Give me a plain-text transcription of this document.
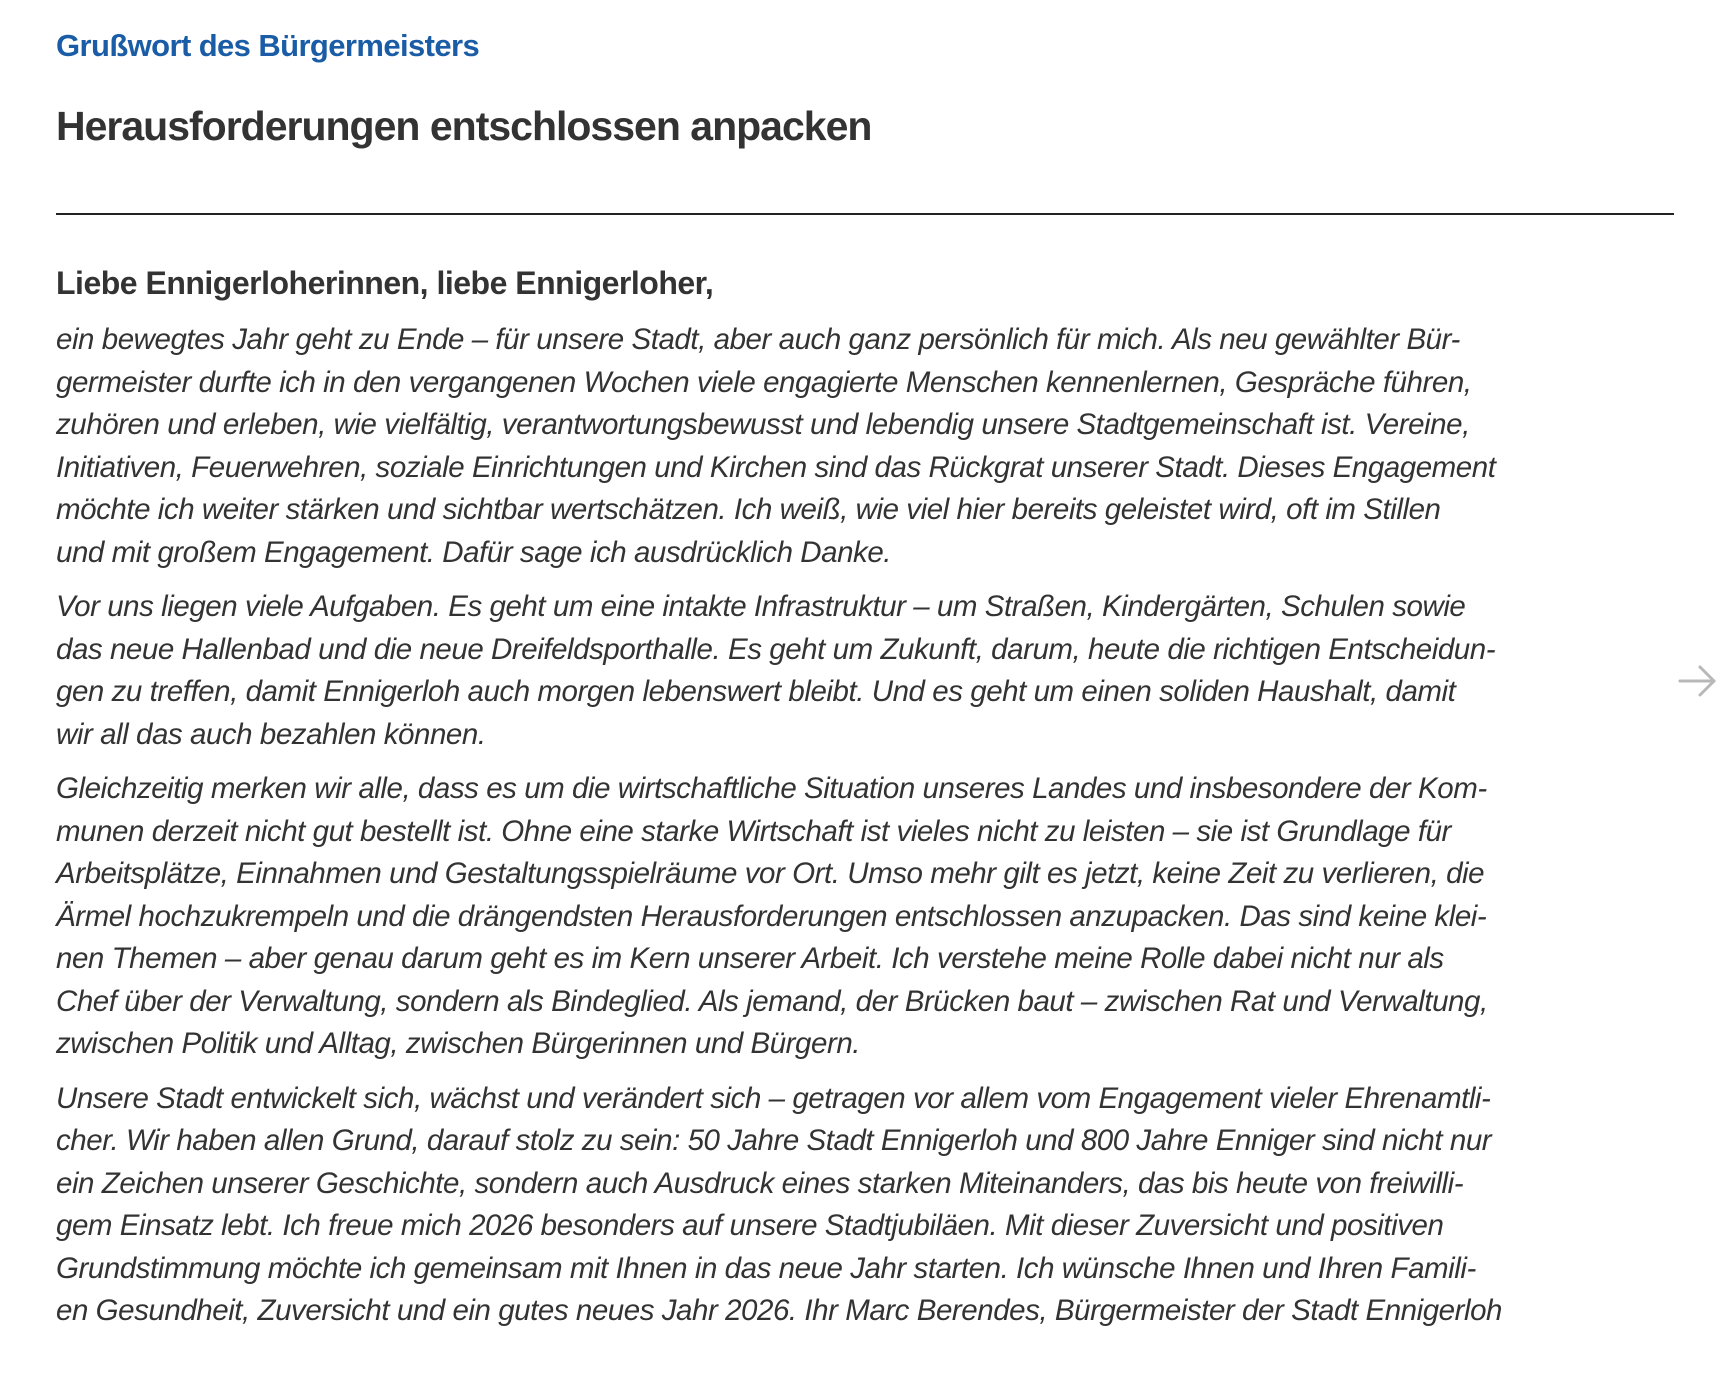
Grußwort des Bürgermeisters
Herausforderungen entschlossen anpacken
Liebe Ennigerloherinnen, liebe Ennigerloher,

ein bewegtes Jahr geht zu Ende – für unsere Stadt, aber auch ganz persönlich für mich. Als neu gewählter Bür-
germeister durfte ich in den vergangenen Wochen viele engagierte Menschen kennenlernen, Gespräche führen,
zuhören und erleben, wie vielfältig, verantwortungsbewusst und lebendig unsere Stadtgemeinschaft ist. Vereine,
Initiativen, Feuerwehren, soziale Einrichtungen und Kirchen sind das Rückgrat unserer Stadt. Dieses Engagement
möchte ich weiter stärken und sichtbar wertschätzen. Ich weiß, wie viel hier bereits geleistet wird, oft im Stillen
und mit großem Engagement. Dafür sage ich ausdrücklich Danke.

Vor uns liegen viele Aufgaben. Es geht um eine intakte Infrastruktur – um Straßen, Kindergärten, Schulen sowie
das neue Hallenbad und die neue Dreifeldsporthalle. Es geht um Zukunft, darum, heute die richtigen Entscheidun-
gen zu treffen, damit Ennigerloh auch morgen lebenswert bleibt. Und es geht um einen soliden Haushalt, damit
wir all das auch bezahlen können.

Gleichzeitig merken wir alle, dass es um die wirtschaftliche Situation unseres Landes und insbesondere der Kom-
munen derzeit nicht gut bestellt ist. Ohne eine starke Wirtschaft ist vieles nicht zu leisten – sie ist Grundlage für
Arbeitsplätze, Einnahmen und Gestaltungsspielräume vor Ort. Umso mehr gilt es jetzt, keine Zeit zu verlieren, die
Ärmel hochzukrempeln und die drängendsten Herausforderungen entschlossen anzupacken. Das sind keine klei-
nen Themen – aber genau darum geht es im Kern unserer Arbeit. Ich verstehe meine Rolle dabei nicht nur als
Chef über der Verwaltung, sondern als Bindeglied. Als jemand, der Brücken baut – zwischen Rat und Verwaltung,
zwischen Politik und Alltag, zwischen Bürgerinnen und Bürgern.

Unsere Stadt entwickelt sich, wächst und verändert sich – getragen vor allem vom Engagement vieler Ehrenamtli-
cher. Wir haben allen Grund, darauf stolz zu sein: 50 Jahre Stadt Ennigerloh und 800 Jahre Enniger sind nicht nur
ein Zeichen unserer Geschichte, sondern auch Ausdruck eines starken Miteinanders, das bis heute von freiwilli-
gem Einsatz lebt. Ich freue mich 2026 besonders auf unsere Stadtjubiläen. Mit dieser Zuversicht und positiven
Grundstimmung möchte ich gemeinsam mit Ihnen in das neue Jahr starten. Ich wünsche Ihnen und Ihren Famili-
en Gesundheit, Zuversicht und ein gutes neues Jahr 2026. Ihr Marc Berendes, Bürgermeister der Stadt Ennigerloh
